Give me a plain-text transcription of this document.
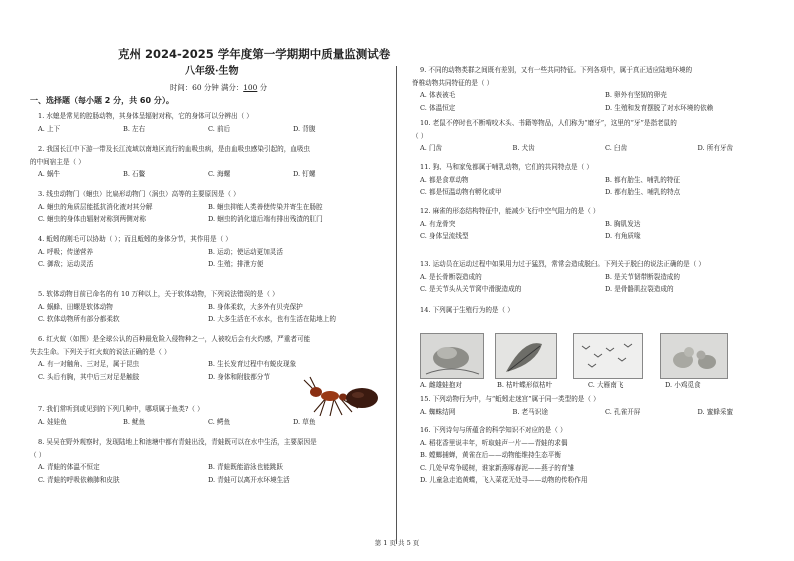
克州 2024-2025 学年度第一学期期中质量监测试卷
八年级·生物
时间：60 分钟 满分：100 分
一、选择题（每小题 2 分，共 60 分）。
1. 水螅是常见的腔肠动物，其身体呈辐射对称，它的身体可以分辨出（ ）
A. 上下	B. 左右	C. 前后	D. 背腹
2. 我国长江中下游一带及长江流域以南地区流行的血吸虫病，是由血吸虫感染引起的，血吸虫
的中间宿主是（ ）
A. 蜗牛	B. 石鳖	C. 海螺	D. 钉螺
3. 线虫动物门（蛔虫）比扁形动物门（涡虫）高等的主要原因是（ ）
A. 蛔虫的角质层能抵抗消化液对其分解	B. 蛔虫抑能人类善使传染并寄生在肠腔
C. 蛔虫的身体由辐射对称到两侧对称	D. 蛔虫的消化道后端有排出残渣的肛门
4. 蚯蚓的刚毛可以协助（ ）；而且蚯蚓的身体分节，其作用是（ ）
A. 呼吸；传递营养	B. 运动；使运动更加灵活
C. 御敌；运动灵活	D. 生殖；排泄方便
5. 软体动物目前已命名的有 10 万种以上，关于软体动物，下列说法错误的是（ ）
A. 蜗蜂、田螺是软体动物	B. 身体柔软，大多外有贝壳保护
C. 软体动物所有部分都柔软	D. 大多生活在不水水，也有生活在陆地上的
6. 红火蚁（如图）是全球公认的百种最危险入侵物种之一，人被咬后会有火灼感，严重者可能
失去生命。下列关于红火蚁的说法正确的是（ ）
A. 有一对触角、三对足，属于昆虫	B. 生长发育过程中有蜕皮现象
C. 头后有胸，其中后三对足是触肢	D. 身体和附肢都分节
7. 我们常听到或见到的下列几种中，哪项属于鱼类?（ ）
A. 娃娃鱼	B. 鱿鱼	C. 鳄鱼	D. 草鱼
8. 吴吴在野外观察时，发现陆地上和池塘中都有青蛙出没，青蛙既可以在水中生活，主要原因是
（ ）
A. 青蛙的体温不恒定	B. 青蛙既能游泳也能跳跃
C. 青蛙的呼吸依赖肺和皮肤	D. 青蛙可以离开水环境生活
9. 不同的动物类群之间既有差别，又有一些共同特征。下列各项中，属于真正适应陆地环境的
脊椎动物共同特征的是（ ）
A. 体表被毛	B. 卵外有坚韧的卵壳
C. 体温恒定	D. 生殖和发育摆脱了对水环境的依赖
10. 老鼠不停时也不断啃咬木头、书籍等物品，人们称为“磨牙”，这里的“牙”是指老鼠的
（ ）
A. 门齿	B. 犬齿	C. 臼齿	D. 所有牙齿
11. 狗、马和家兔都属于哺乳动物，它们的共同特点是（ ）
A. 都是食草动物	B. 都有胎生、哺乳的特征
C. 都是恒温动物有孵化或甲	D. 都有胎生、哺乳的特点
12. 麻雀的形态结构特征中，能减少飞行中空气阻力的是（ ）
A. 有龙骨突	B. 胸肌发达
C. 身体呈流线型	D. 有角质喙
13. 运动员在运动过程中如果用力过于猛烈，常常会造成脱臼。下列关于脱臼的说法正确的是（ ）
A. 是长骨断裂造成的	B. 是关节韧带断裂造成的
C. 是关节头从关节窝中滑脱造成的	D. 是骨骼肌拉裂造成的
14. 下列属于生殖行为的是（ ）
15. 下列动物行为中，与“蚯蚓走迷宫”属于同一类型的是（ ）
A. 蜘蛛结网	B. 老马识途	C. 孔雀开屏	D. 蜜蜂采蜜
16. 下列诗句与所蕴含的科学知识不对应的是（ ）
A. 稻花香里说丰年，听取蛙声一片——青蛙的求偶
B. 螳螂捕蝉，黄雀在后——动物能维持生态平衡
C. 几处早莺争暖树，谁家新燕啄春泥——燕子的育雏
D. 儿童急走追黄蝶，飞入菜花无处寻——动物的传粉作用
A. 雌雄蛙抱对	B. 枯叶蝶形似枯叶	C. 大雁南飞	D. 小鸡觅食
第 1 页 共 5 页
